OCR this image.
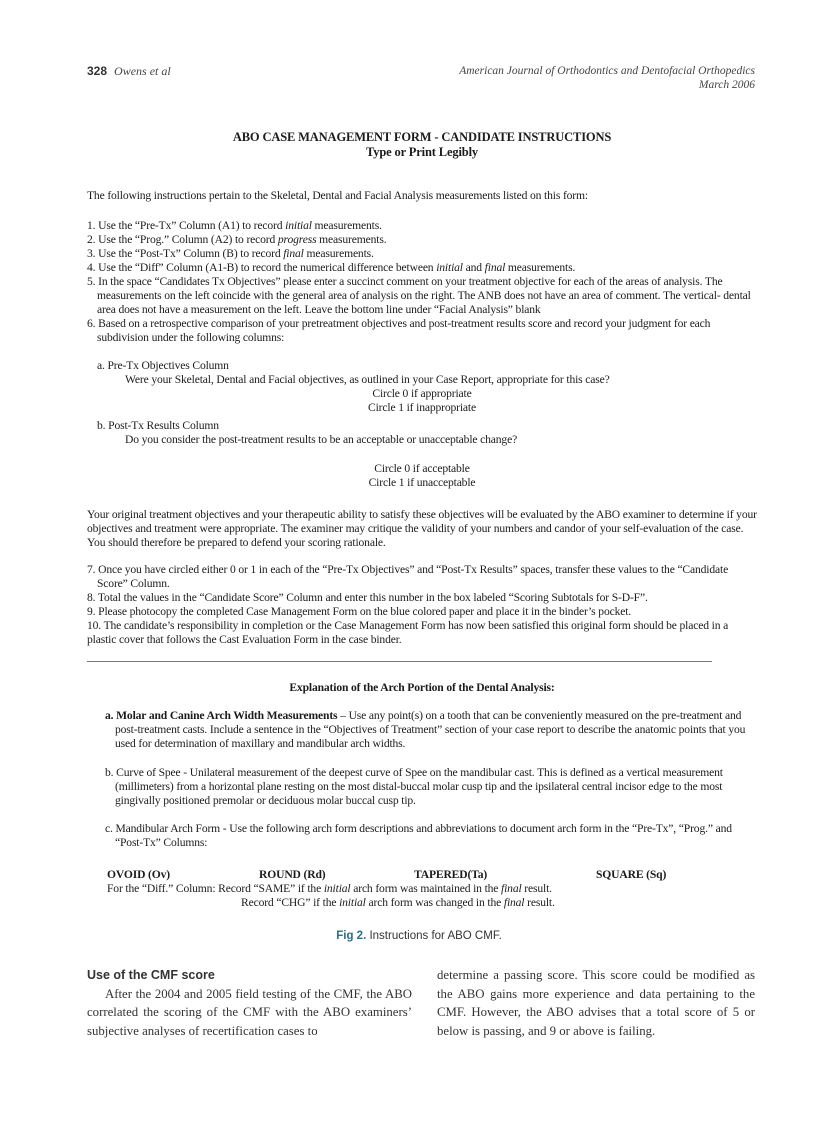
328 Owens et al	American Journal of Orthodontics and Dentofacial Orthopedics
March 2006
ABO CASE MANAGEMENT FORM - CANDIDATE INSTRUCTIONS
Type or Print Legibly
The following instructions pertain to the Skeletal, Dental and Facial Analysis measurements listed on this form:
1. Use the “Pre-Tx” Column (A1) to record initial measurements.
2. Use the “Prog.” Column (A2) to record progress measurements.
3. Use the “Post-Tx” Column (B) to record final measurements.
4. Use the “Diff” Column (A1-B) to record the numerical difference between initial and final measurements.
5. In the space “Candidates Tx Objectives” please enter a succinct comment on your treatment objective for each of the areas of analysis. The measurements on the left coincide with the general area of analysis on the right. The ANB does not have an area of comment. The vertical- dental area does not have a measurement on the left. Leave the bottom line under “Facial Analysis” blank
6. Based on a retrospective comparison of your pretreatment objectives and post-treatment results score and record your judgment for each subdivision under the following columns:
a. Pre-Tx Objectives Column
Were your Skeletal, Dental and Facial objectives, as outlined in your Case Report, appropriate for this case?
Circle 0 if appropriate
Circle 1 if inappropriate
b. Post-Tx Results Column
Do you consider the post-treatment results to be an acceptable or unacceptable change?
Circle 0 if acceptable
Circle 1 if unacceptable
Your original treatment objectives and your therapeutic ability to satisfy these objectives will be evaluated by the ABO examiner to determine if your objectives and treatment were appropriate. The examiner may critique the validity of your numbers and candor of your self-evaluation of the case. You should therefore be prepared to defend your scoring rationale.
7. Once you have circled either 0 or 1 in each of the “Pre-Tx Objectives” and “Post-Tx Results” spaces, transfer these values to the “Candidate Score” Column.
8. Total the values in the “Candidate Score” Column and enter this number in the box labeled “Scoring Subtotals for S-D-F”.
9. Please photocopy the completed Case Management Form on the blue colored paper and place it in the binder’s pocket.
10. The candidate’s responsibility in completion or the Case Management Form has now been satisfied this original form should be placed in a plastic cover that follows the Cast Evaluation Form in the case binder.
Explanation of the Arch Portion of the Dental Analysis:
a. Molar and Canine Arch Width Measurements – Use any point(s) on a tooth that can be conveniently measured on the pre-treatment and post-treatment casts. Include a sentence in the “Objectives of Treatment” section of your case report to describe the anatomic points that you used for determination of maxillary and mandibular arch widths.
b. Curve of Spee - Unilateral measurement of the deepest curve of Spee on the mandibular cast. This is defined as a vertical measurement (millimeters) from a horizontal plane resting on the most distal-buccal molar cusp tip and the ipsilateral central incisor edge to the most gingivally positioned premolar or deciduous molar buccal cusp tip.
c. Mandibular Arch Form - Use the following arch form descriptions and abbreviations to document arch form in the “Pre-Tx”, “Prog.” and “Post-Tx” Columns:
OVOID (Ov)	ROUND (Rd)	TAPERED(Ta)	SQUARE (Sq)
For the “Diff.” Column: Record “SAME” if the initial arch form was maintained in the final result.
Record “CHG” if the initial arch form was changed in the final result.
Fig 2. Instructions for ABO CMF.
Use of the CMF score
After the 2004 and 2005 field testing of the CMF, the ABO correlated the scoring of the CMF with the ABO examiners’ subjective analyses of recertification cases to
determine a passing score. This score could be modified as the ABO gains more experience and data pertaining to the CMF. However, the ABO advises that a total score of 5 or below is passing, and 9 or above is failing.
